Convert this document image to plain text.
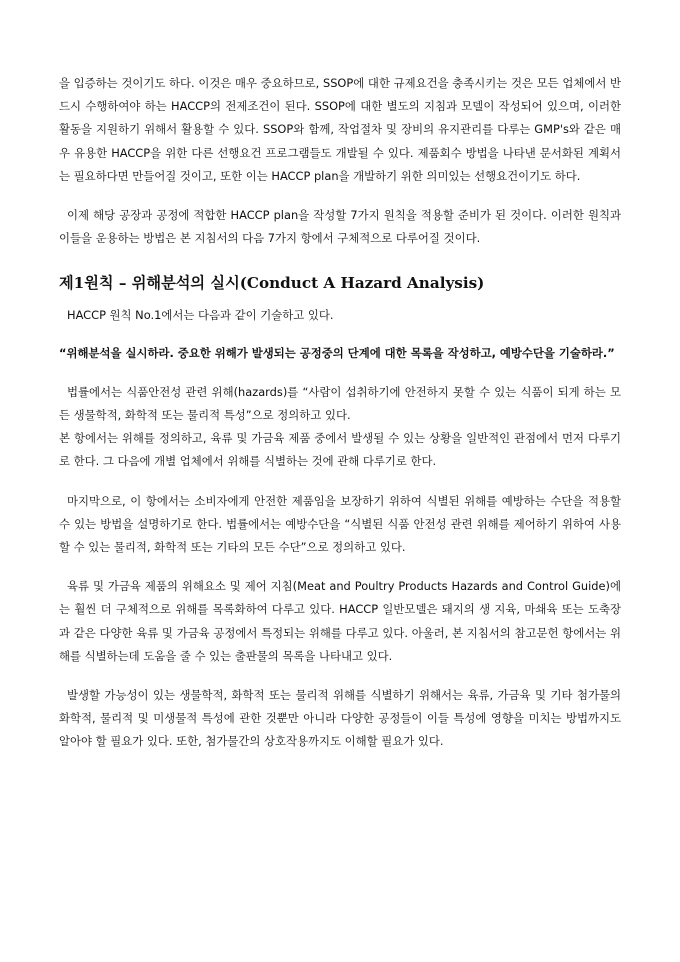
을 입증하는 것이기도 하다. 이것은 매우 중요하므로, SSOP에 대한 규제요건을 충족시키는 것은 모든 업체에서 반드시 수행하여야 하는 HACCP의 전제조건이 된다. SSOP에 대한 별도의 지침과 모델이 작성되어 있으며, 이러한 활동을 지원하기 위해서 활용할 수 있다. SSOP와 함께, 작업절차 및 장비의 유지관리를 다루는 GMP's와 같은 매우 유용한 HACCP을 위한 다른 선행요건 프로그램들도 개발될 수 있다. 제품회수 방법을 나타낸 문서화된 계획서는 필요하다면 만들어질 것이고, 또한 이는 HACCP plan을 개발하기 위한 의미있는 선행요건이기도 하다.

이제 해당 공장과 공정에 적합한 HACCP plan을 작성할 7가지 원칙을 적용할 준비가 된 것이다. 이러한 원칙과 이들을 운용하는 방법은 본 지침서의 다음 7가지 항에서 구체적으로 다루어질 것이다.

제1원칙 – 위해분석의 실시(Conduct A Hazard Analysis)

HACCP 원칙 No.1에서는 다음과 같이 기술하고 있다.

“위해분석을 실시하라. 중요한 위해가 발생되는 공정중의 단계에 대한 목록을 작성하고, 예방수단을 기술하라.”

법률에서는 식품안전성 관련 위해(hazards)를 “사람이 섭취하기에 안전하지 못할 수 있는 식품이 되게 하는 모든 생물학적, 화학적 또는 물리적 특성”으로 정의하고 있다.

본 항에서는 위해를 정의하고, 육류 및 가금육 제품 중에서 발생될 수 있는 상황을 일반적인 관점에서 먼저 다루기로 한다. 그 다음에 개별 업체에서 위해를 식별하는 것에 관해 다루기로 한다.

마지막으로, 이 항에서는 소비자에게 안전한 제품임을 보장하기 위하여 식별된 위해를 예방하는 수단을 적용할 수 있는 방법을 설명하기로 한다. 법률에서는 예방수단을 “식별된 식품 안전성 관련 위해를 제어하기 위하여 사용할 수 있는 물리적, 화학적 또는 기타의 모든 수단”으로 정의하고 있다.

육류 및 가금육 제품의 위해요소 및 제어 지침(Meat and Poultry Products Hazards and Control Guide)에는 훨씬 더 구체적으로 위해를 목록화하여 다루고 있다. HACCP 일반모델은 돼지의 생 지육, 마쇄육 또는 도축장과 같은 다양한 육류 및 가금육 공정에서 특정되는 위해를 다루고 있다. 아울러, 본 지침서의 참고문헌 항에서는 위해를 식별하는데 도움을 줄 수 있는 출판물의 목록을 나타내고 있다.

발생할 가능성이 있는 생물학적, 화학적 또는 물리적 위해를 식별하기 위해서는 육류, 가금육 및 기타 첨가물의 화학적, 물리적 및 미생물적 특성에 관한 것뿐만 아니라 다양한 공정들이 이들 특성에 영향을 미치는 방법까지도 알아야 할 필요가 있다. 또한, 첨가물간의 상호작용까지도 이해할 필요가 있다.
